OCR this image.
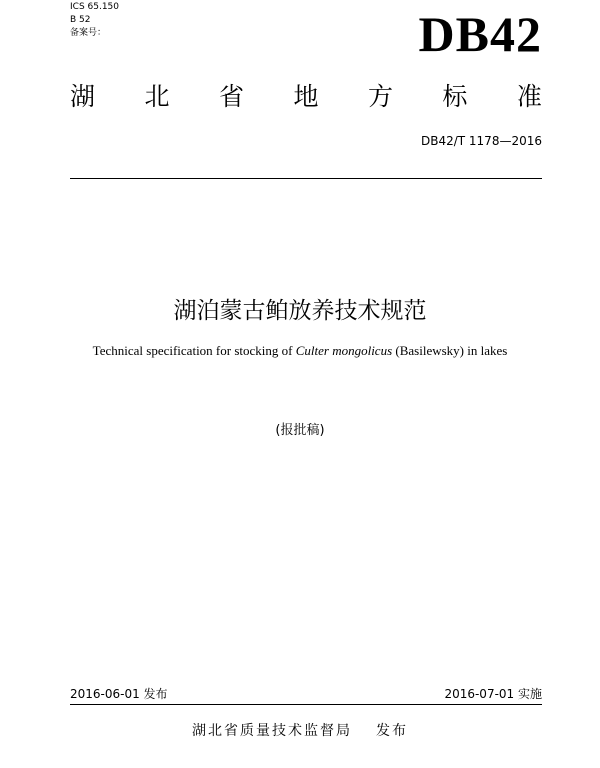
ICS 65.150
B 52
备案号：	DB42
湖 北 省 地 方 标 准
DB42/T 1178—2016
湖泊蒙古鲌放养技术规范
Technical specification for stocking of Culter mongolicus (Basilewsky) in lakes
(报批稿)
2016-06-01 发布	2016-07-01 实施
湖北省质量技术监督局 发布
